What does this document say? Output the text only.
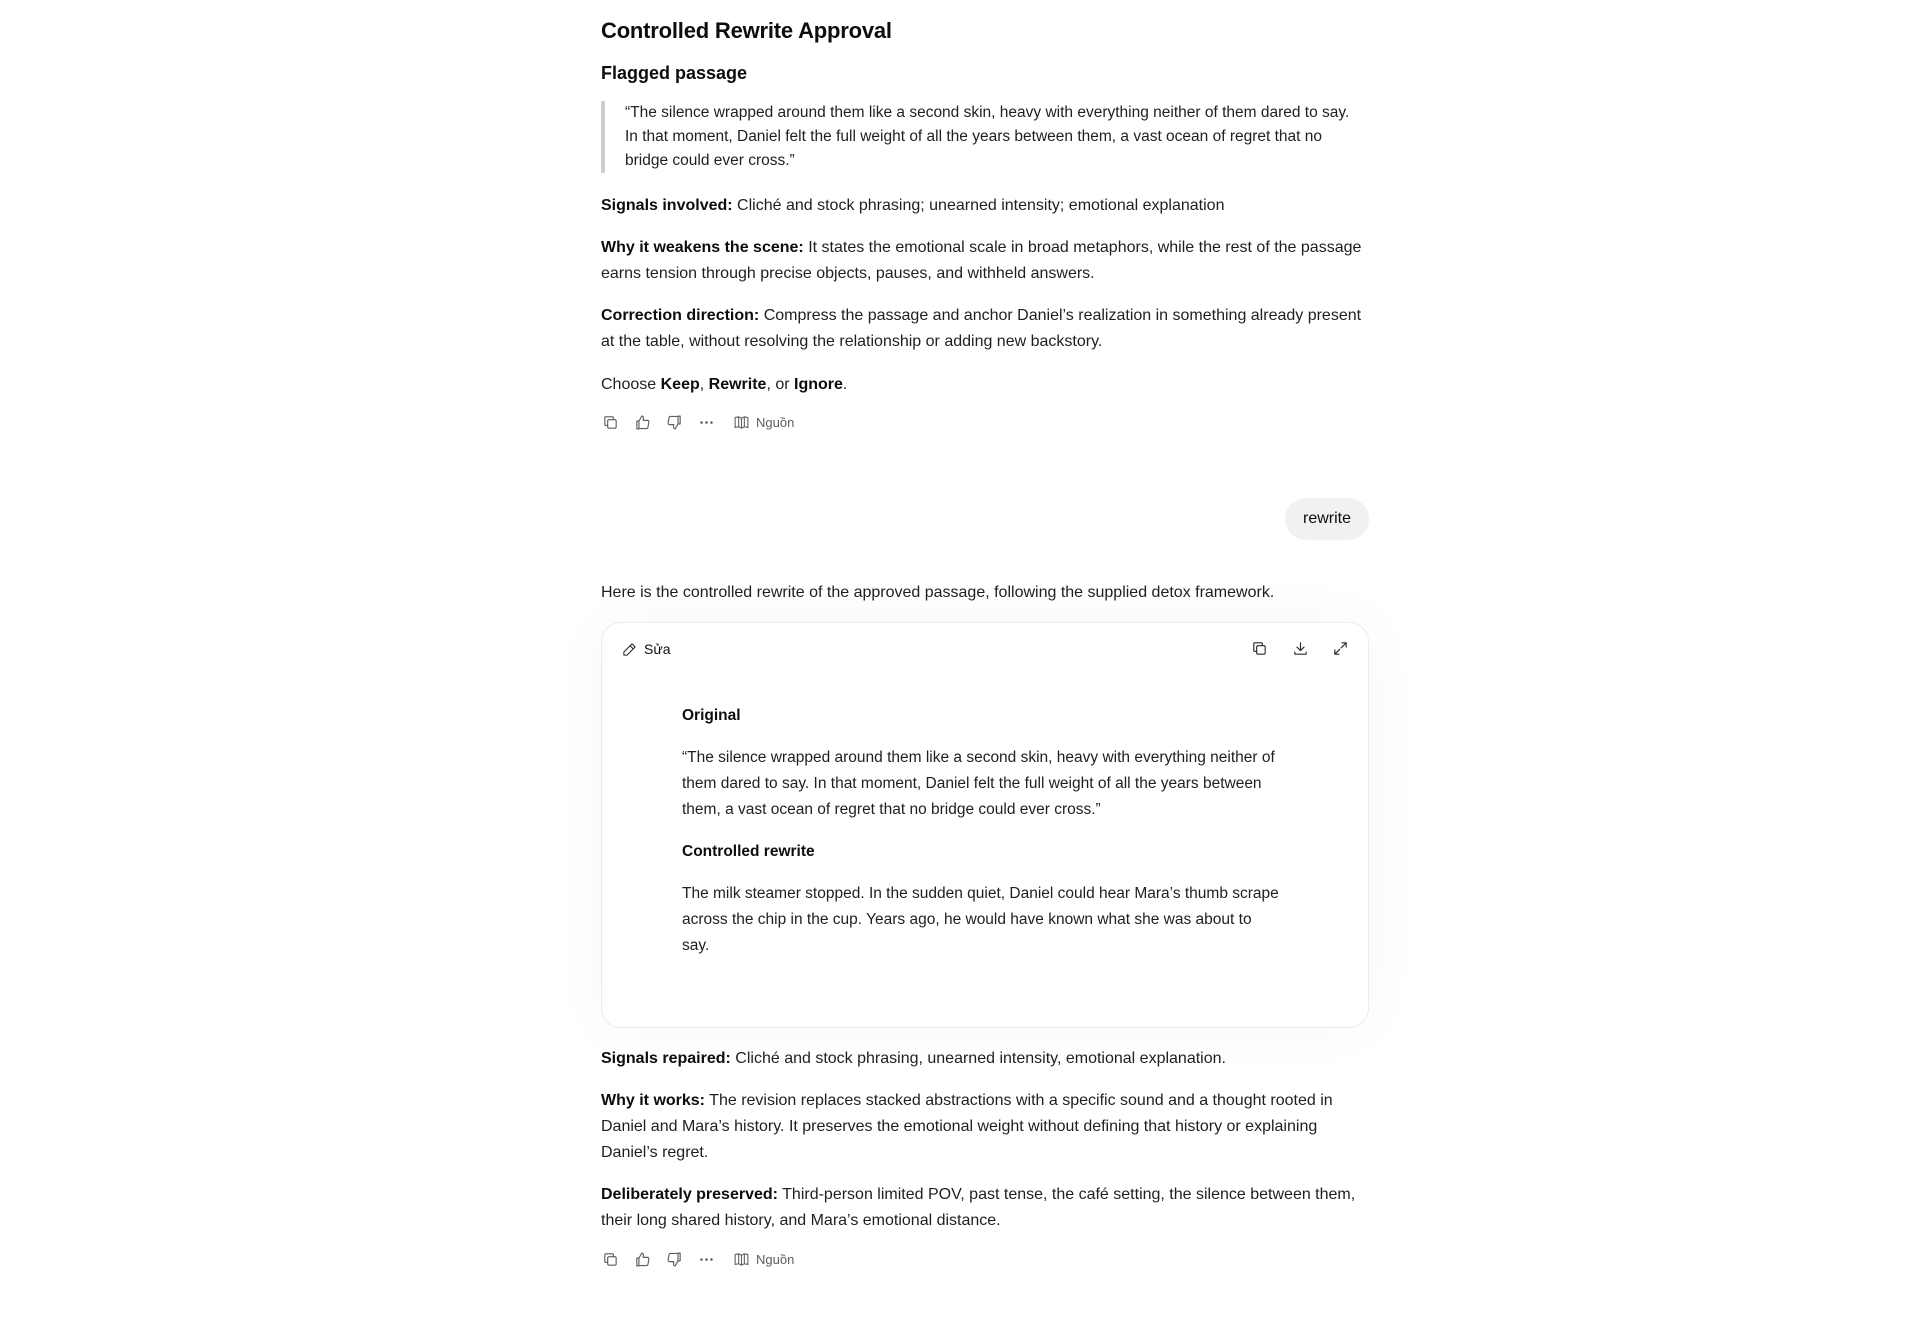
Controlled Rewrite Approval
Flagged passage
“The silence wrapped around them like a second skin, heavy with everything neither of them dared to say. In that moment, Daniel felt the full weight of all the years between them, a vast ocean of regret that no bridge could ever cross.”
Signals involved: Cliché and stock phrasing; unearned intensity; emotional explanation
Why it weakens the scene: It states the emotional scale in broad metaphors, while the rest of the passage earns tension through precise objects, pauses, and withheld answers.
Correction direction: Compress the passage and anchor Daniel’s realization in something already present at the table, without resolving the relationship or adding new backstory.
Choose Keep, Rewrite, or Ignore.
Nguồn
rewrite
Here is the controlled rewrite of the approved passage, following the supplied detox framework.
Sửa
Original
“The silence wrapped around them like a second skin, heavy with everything neither of them dared to say. In that moment, Daniel felt the full weight of all the years between them, a vast ocean of regret that no bridge could ever cross.”
Controlled rewrite
The milk steamer stopped. In the sudden quiet, Daniel could hear Mara’s thumb scrape across the chip in the cup. Years ago, he would have known what she was about to say.
Signals repaired: Cliché and stock phrasing, unearned intensity, emotional explanation.
Why it works: The revision replaces stacked abstractions with a specific sound and a thought rooted in Daniel and Mara’s history. It preserves the emotional weight without defining that history or explaining Daniel’s regret.
Deliberately preserved: Third-person limited POV, past tense, the café setting, the silence between them, their long shared history, and Mara’s emotional distance.
Nguồn
